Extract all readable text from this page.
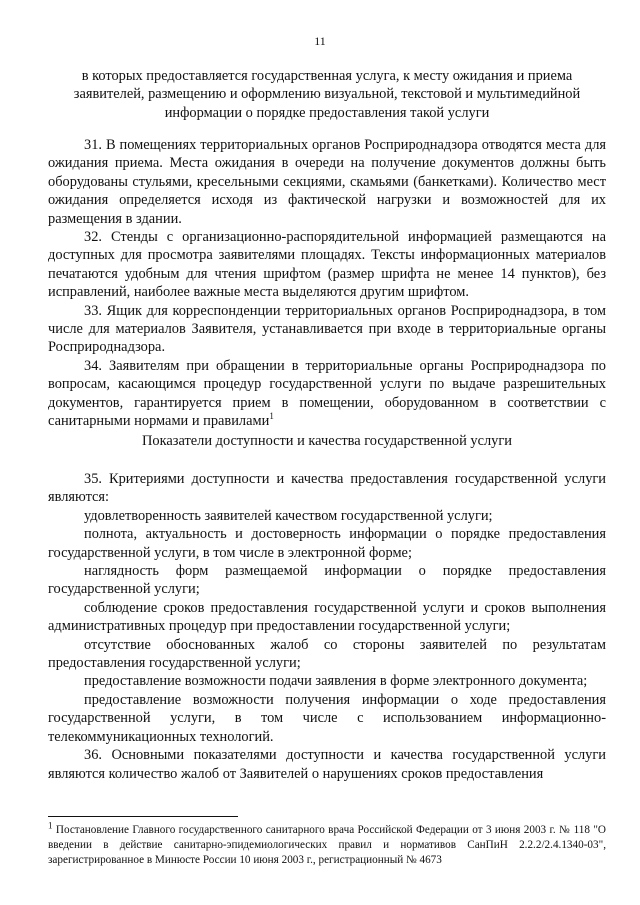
11
в которых предоставляется государственная услуга, к месту ожидания и приема заявителей, размещению и оформлению визуальной, текстовой и мультимедийной информации о порядке предоставления такой услуги

31. В помещениях территориальных органов Росприроднадзора отводятся места для ожидания приема. Места ожидания в очереди на получение документов должны быть оборудованы стульями, кресельными секциями, скамьями (банкетками). Количество мест ожидания определяется исходя из фактической нагрузки и возможностей для их размещения в здании.

32. Стенды с организационно-распорядительной информацией размещаются на доступных для просмотра заявителями площадях. Тексты информационных материалов печатаются удобным для чтения шрифтом (размер шрифта не менее 14 пунктов), без исправлений, наиболее важные места выделяются другим шрифтом.

33. Ящик для корреспонденции территориальных органов Росприроднадзора, в том числе для материалов Заявителя, устанавливается при входе в территориальные органы Росприроднадзора.

34. Заявителям при обращении в территориальные органы Росприроднадзора по вопросам, касающимся процедур государственной услуги по выдаче разрешительных документов, гарантируется прием в помещении, оборудованном в соответствии с санитарными нормами и правилами$^1$

Показатели доступности и качества государственной услуги

35. Критериями доступности и качества предоставления государственной услуги являются:

удовлетворенность заявителей качеством государственной услуги;

полнота, актуальность и достоверность информации о порядке предоставления государственной услуги, в том числе в электронной форме;

наглядность форм размещаемой информации о порядке предоставления государственной услуги;

соблюдение сроков предоставления государственной услуги и сроков выполнения административных процедур при предоставлении государственной услуги;

отсутствие обоснованных жалоб со стороны заявителей по результатам предоставления государственной услуги;

предоставление возможности подачи заявления в форме электронного документа;

предоставление возможности получения информации о ходе предоставления государственной услуги, в том числе с использованием информационно-телекоммуникационных технологий.

36. Основными показателями доступности и качества государственной услуги являются количество жалоб от Заявителей о нарушениях сроков предоставления

$^1$ Постановление Главного государственного санитарного врача Российской Федерации от 3 июня 2003 г. № 118 "О введении в действие санитарно-эпидемиологических правил и нормативов СанПиН 2.2.2/2.4.1340-03", зарегистрированное в Минюсте России 10 июня 2003 г., регистрационный № 4673
